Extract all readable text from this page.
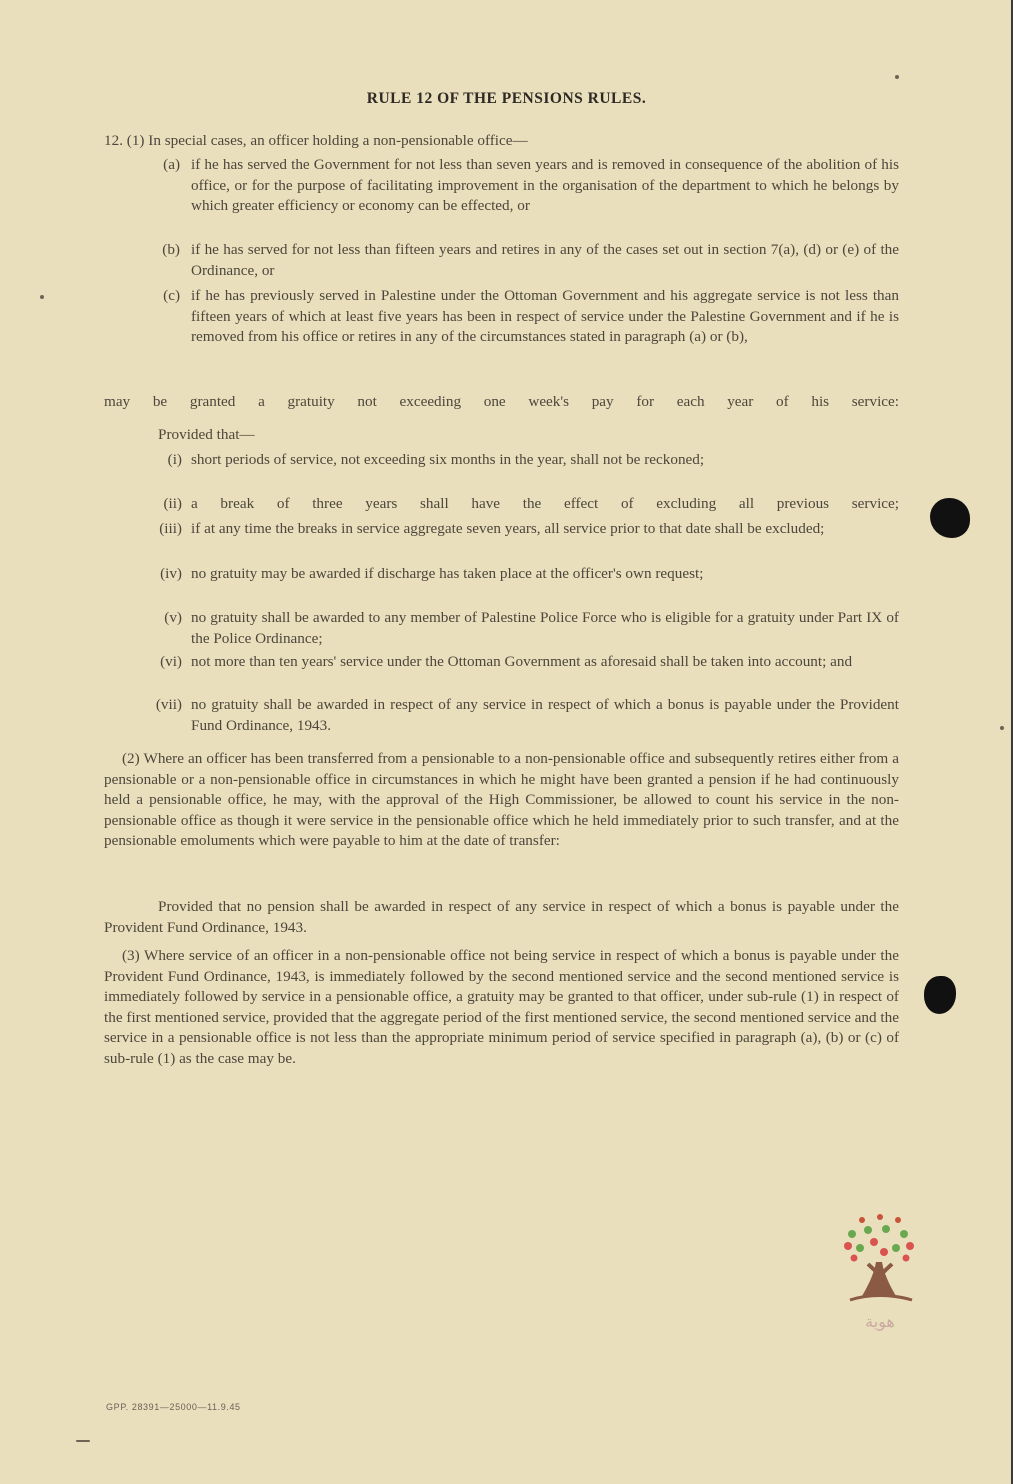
RULE 12 OF THE PENSIONS RULES.
12. (1) In special cases, an officer holding a non-pensionable office—
(a) if he has served the Government for not less than seven years and is removed in consequence of the abolition of his office, or for the purpose of facilitating improvement in the organisation of the department to which he belongs by which greater efficiency or economy can be effected, or
(b) if he has served for not less than fifteen years and retires in any of the cases set out in section 7(a), (d) or (e) of the Ordinance, or
(c) if he has previously served in Palestine under the Ottoman Government and his aggregate service is not less than fifteen years of which at least five years has been in respect of service under the Palestine Government and if he is removed from his office or retires in any of the circumstances stated in paragraph (a) or (b),
may be granted a gratuity not exceeding one week's pay for each year of his service:
Provided that—
(i) short periods of service, not exceeding six months in the year, shall not be reckoned;
(ii) a break of three years shall have the effect of excluding all previous service;
(iii) if at any time the breaks in service aggregate seven years, all service prior to that date shall be excluded;
(iv) no gratuity may be awarded if discharge has taken place at the officer's own request;
(v) no gratuity shall be awarded to any member of Palestine Police Force who is eligible for a gratuity under Part IX of the Police Ordinance;
(vi) not more than ten years' service under the Ottoman Government as aforesaid shall be taken into account; and
(vii) no gratuity shall be awarded in respect of any service in respect of which a bonus is payable under the Provident Fund Ordinance, 1943.
(2) Where an officer has been transferred from a pensionable to a non-pensionable office and subsequently retires either from a pensionable or a non-pensionable office in circumstances in which he might have been granted a pension if he had continuously held a pensionable office, he may, with the approval of the High Commissioner, be allowed to count his service in the non-pensionable office as though it were service in the pensionable office which he held immediately prior to such transfer, and at the pensionable emoluments which were payable to him at the date of transfer:
Provided that no pension shall be awarded in respect of any service in respect of which a bonus is payable under the Provident Fund Ordinance, 1943.
(3) Where service of an officer in a non-pensionable office not being service in respect of which a bonus is payable under the Provident Fund Ordinance, 1943, is immediately followed by the second mentioned service and the second mentioned service is immediately followed by service in a pensionable office, a gratuity may be granted to that officer, under sub-rule (1) in respect of the first mentioned service, provided that the aggregate period of the first mentioned service, the second mentioned service and the service in a pensionable office is not less than the appropriate minimum period of service specified in paragraph (a), (b) or (c) of sub-rule (1) as the case may be.
هوية
GPP. 28391—25000—11.9.45
